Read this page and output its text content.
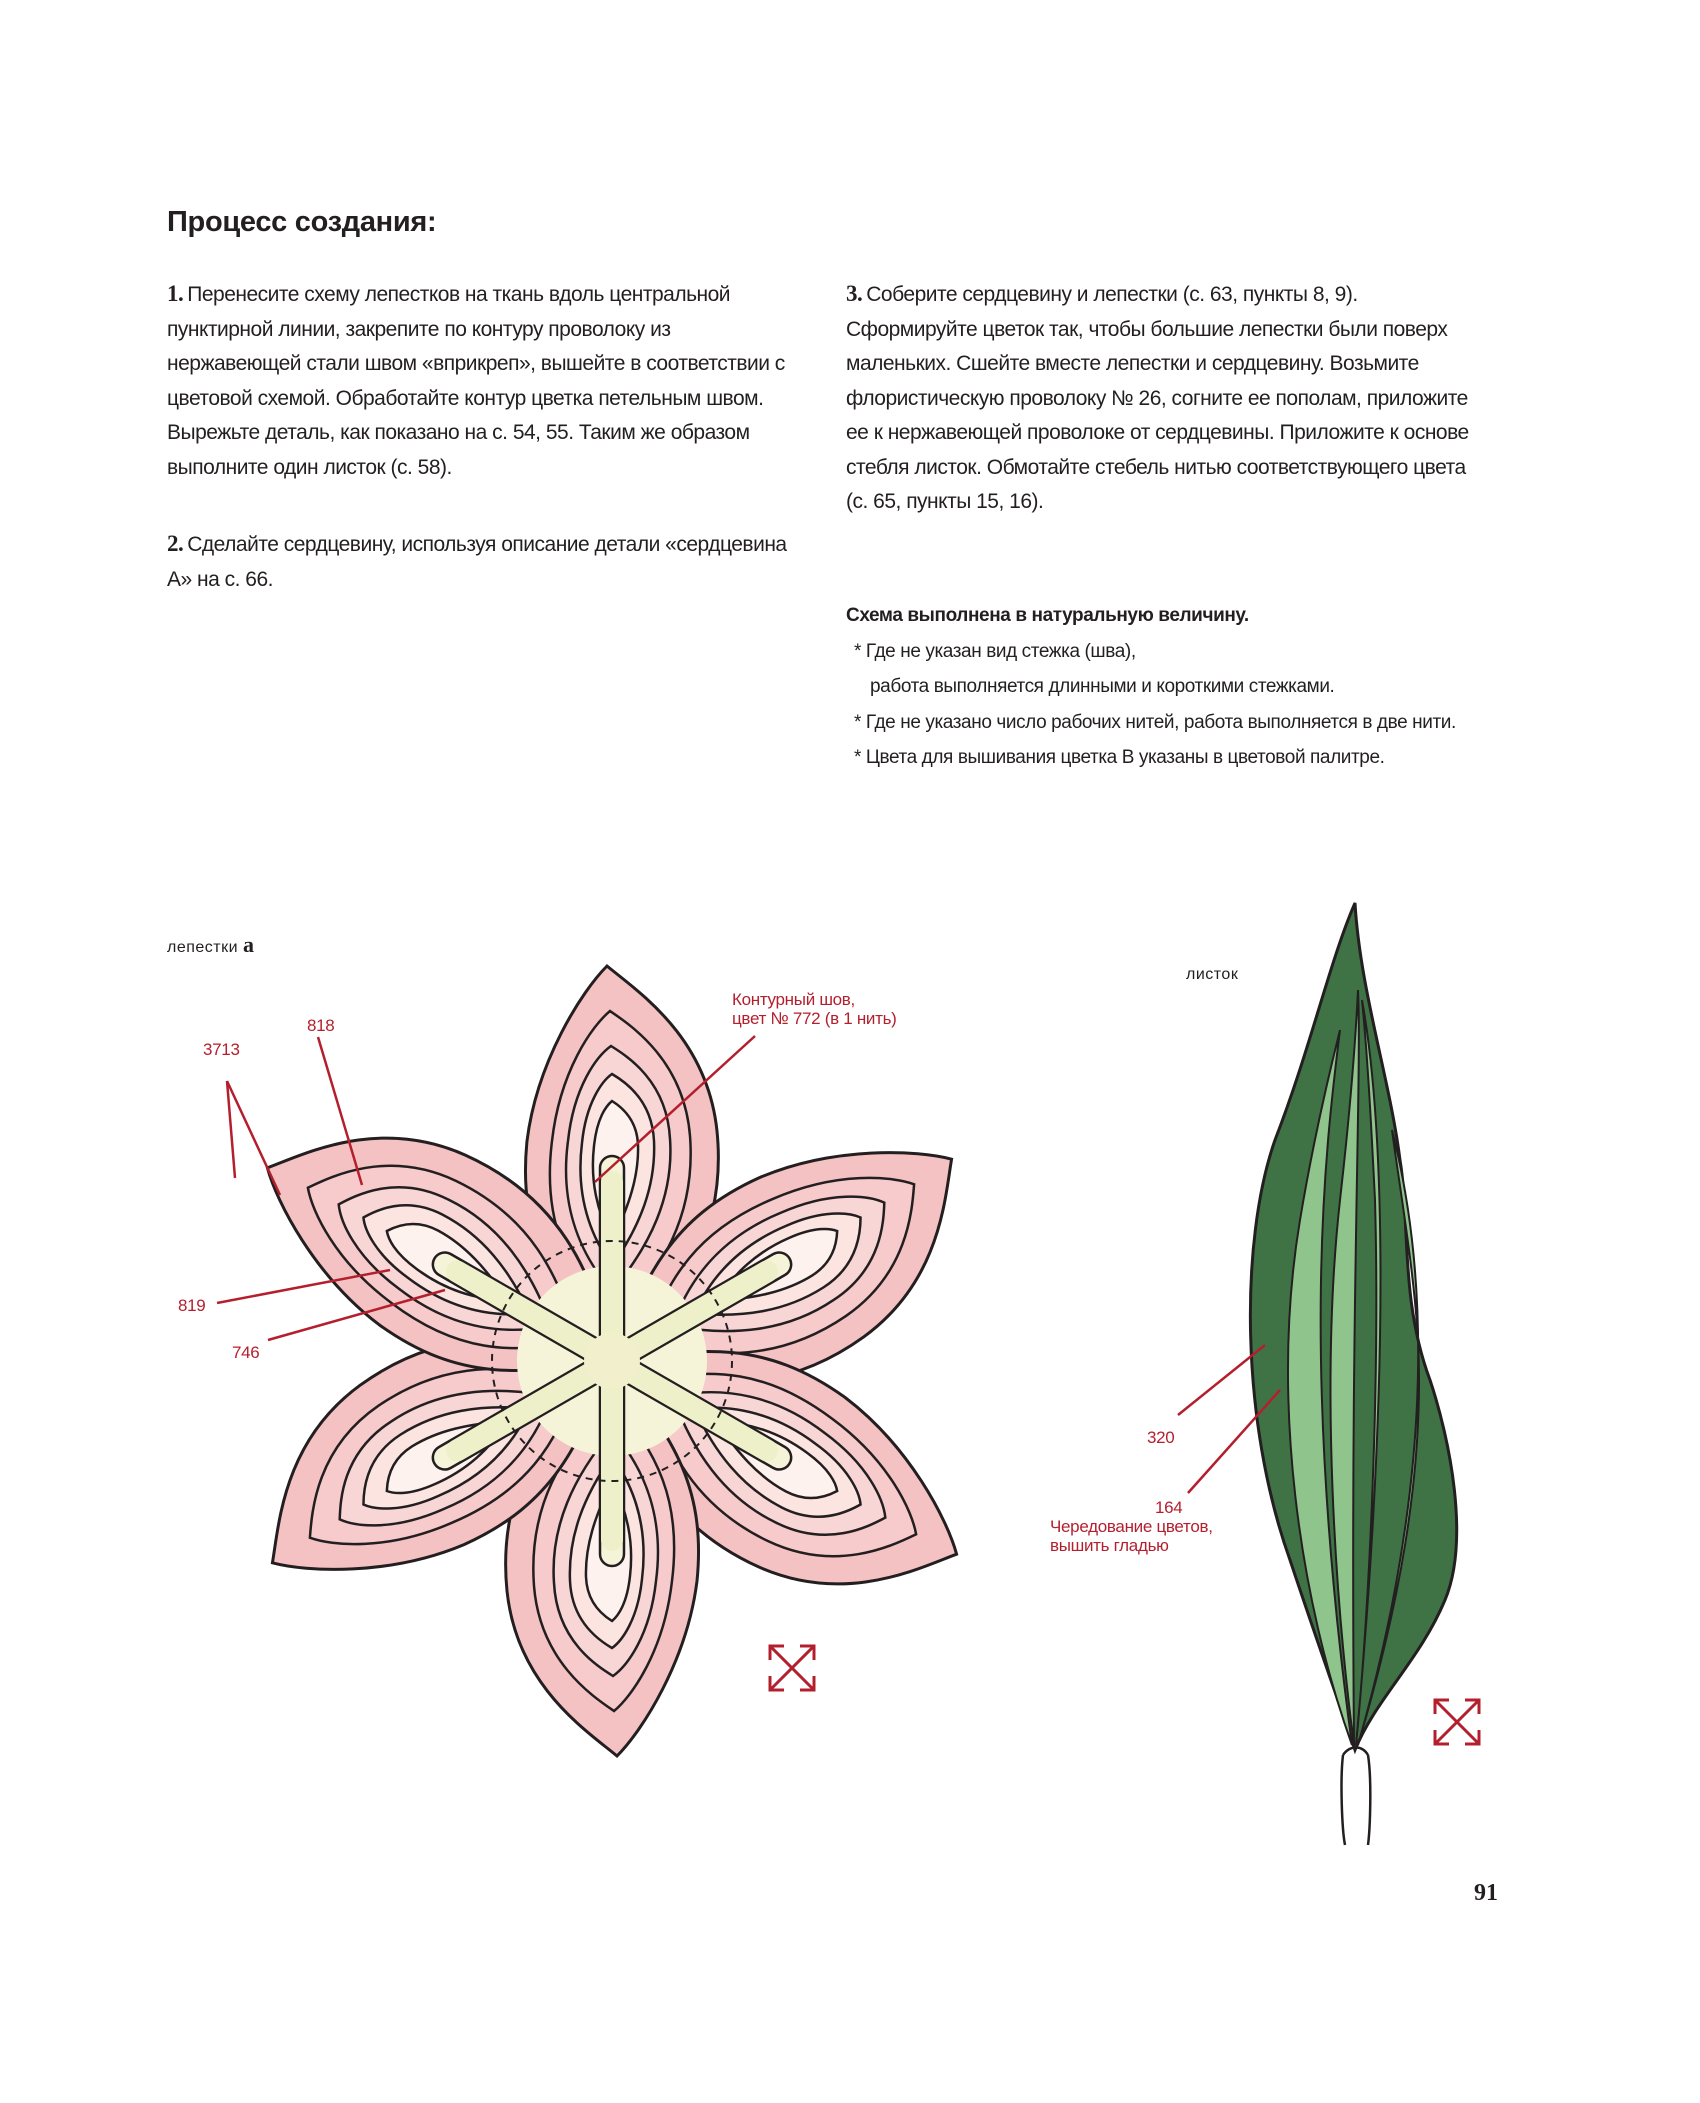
Процесс создания:

1. Перенесите схему лепестков на ткань вдоль центральной пунктирной линии, закрепите по контуру проволоку из нержавеющей стали швом «вприкреп», вышейте в соответствии с цветовой схемой. Обработайте контур цветка петельным швом. Вырежьте деталь, как показано на с. 54, 55. Таким же образом выполните один листок (с. 58).

2. Сделайте сердцевину, используя описание детали «сердцевина А» на с. 66.

3. Соберите сердцевину и лепестки (с. 63, пункты 8, 9). Сформируйте цветок так, чтобы большие лепестки были поверх маленьких. Сшейте вместе лепестки и сердцевину. Возьмите флористическую проволоку № 26, согните ее пополам, приложите ее к нержавеющей проволоке от сердцевины. Приложите к основе стебля листок. Обмотайте стебель нитью соответствующего цвета (с. 65, пункты 15, 16).

Схема выполнена в натуральную величину.
* Где не указан вид стежка (шва),
работа выполняется длинными и короткими стежками.
* Где не указано число рабочих нитей, работа выполняется в две нити.
* Цвета для вышивания цветка B указаны в цветовой палитре.
лепестки a
3713
818
819
746
Контурный шов,
цвет № 772 (в 1 нить)
листок
320
164
Чередование цветов,
вышить гладью
91
